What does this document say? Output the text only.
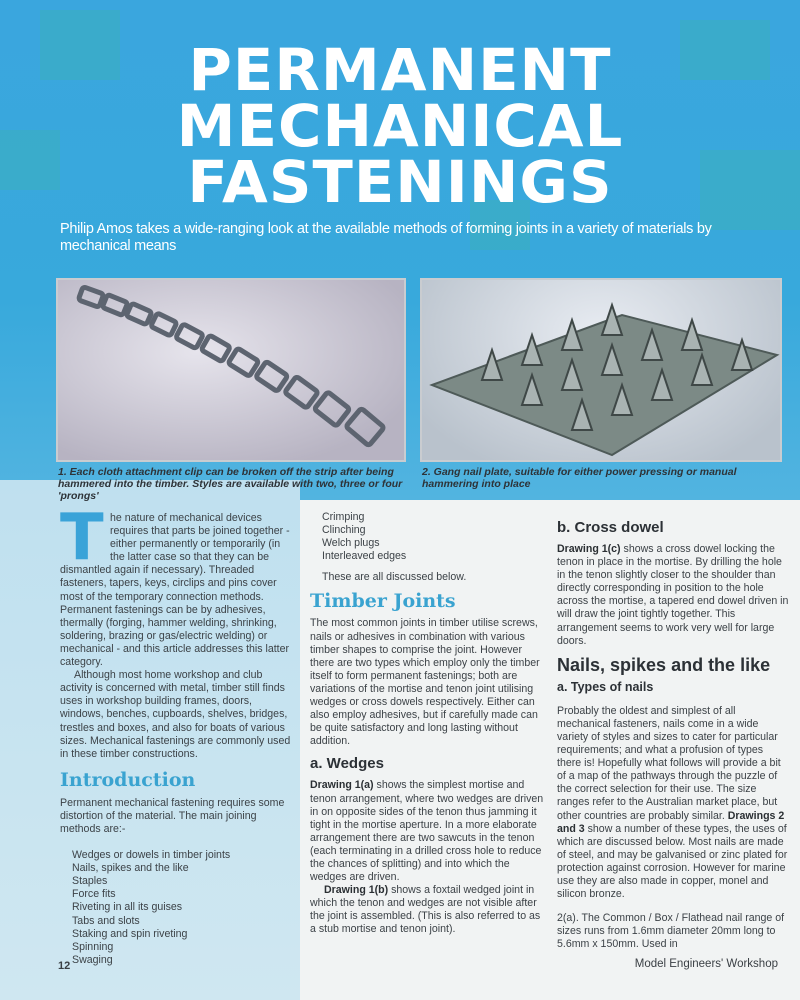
PERMANENT
MECHANICAL
FASTENINGS
Philip Amos takes a wide-ranging look at the available methods of forming joints in a variety of materials by mechanical means
1. Each cloth attachment clip can be broken off the strip after being hammered into the timber. Styles are available with two, three or four 'prongs'
2. Gang nail plate, suitable for either power pressing or manual hammering into place
T he nature of mechanical devices requires that parts be joined together - either permanently or temporarily (in the latter case so that they can be dismantled again if necessary). Threaded fasteners, tapers, keys, circlips and pins cover most of the temporary connection methods. Permanent fastenings can be by adhesives, thermally (forging, hammer welding, shrinking, soldering, brazing or gas/electric welding) or mechanical - and this article addresses this latter category.

Although most home workshop and club activity is concerned with metal, timber still finds uses in workshop building frames, doors, windows, benches, cupboards, shelves, bridges, trestles and boxes, and also for boats of various sizes. Mechanical fastenings are commonly used in these timber constructions.

Introduction

Permanent mechanical fastening requires some distortion of the material. The main joining methods are:-

Wedges or dowels in timber joints
Nails, spikes and the like
Staples
Force fits
Riveting in all its guises
Tabs and slots
Staking and spin riveting
Spinning
Swaging
Crimping
Clinching
Welch plugs
Interleaved edges

These are all discussed below.

Timber Joints

The most common joints in timber utilise screws, nails or adhesives in combination with various timber shapes to comprise the joint. However there are two types which employ only the timber itself to form permanent fastenings; both are variations of the mortise and tenon joint utilising wedges or cross dowels respectively. Either can also employ adhesives, but if carefully made can be quite satisfactory and long lasting without addition.

a. Wedges

Drawing 1(a) shows the simplest mortise and tenon arrangement, where two wedges are driven in on opposite sides of the tenon thus jamming it tight in the mortise aperture. In a more elaborate arrangement there are two sawcuts in the tenon (each terminating in a drilled cross hole to reduce the chances of splitting) and into which the wedges are driven.

Drawing 1(b) shows a foxtail wedged joint in which the tenon and wedges are not visible after the joint is assembled. (This is also referred to as a stub mortise and tenon joint).

b. Cross dowel

Drawing 1(c) shows a cross dowel locking the tenon in place in the mortise. By drilling the hole in the tenon slightly closer to the shoulder than directly corresponding in position to the hole across the mortise, a tapered end dowel driven in will draw the joint tightly together. This arrangement seems to work very well for large doors.

Nails, spikes and the like
a. Types of nails

Probably the oldest and simplest of all mechanical fasteners, nails come in a wide variety of styles and sizes to cater for particular requirements; and what a profusion of types there is! Hopefully what follows will provide a bit of a map of the pathways through the puzzle of the correct selection for their use. The size ranges refer to the Australian market place, but other countries are probably similar. Drawings 2 and 3 show a number of these types, the uses of which are discussed below. Most nails are made of steel, and may be galvanised or zinc plated for protection against corrosion. However for marine use they are also made in copper, monel and silicon bronze.

2(a). The Common / Box / Flathead nail range of sizes runs from 1.6mm diameter 20mm long to 5.6mm x 150mm. Used in

12	Model Engineers' Workshop
